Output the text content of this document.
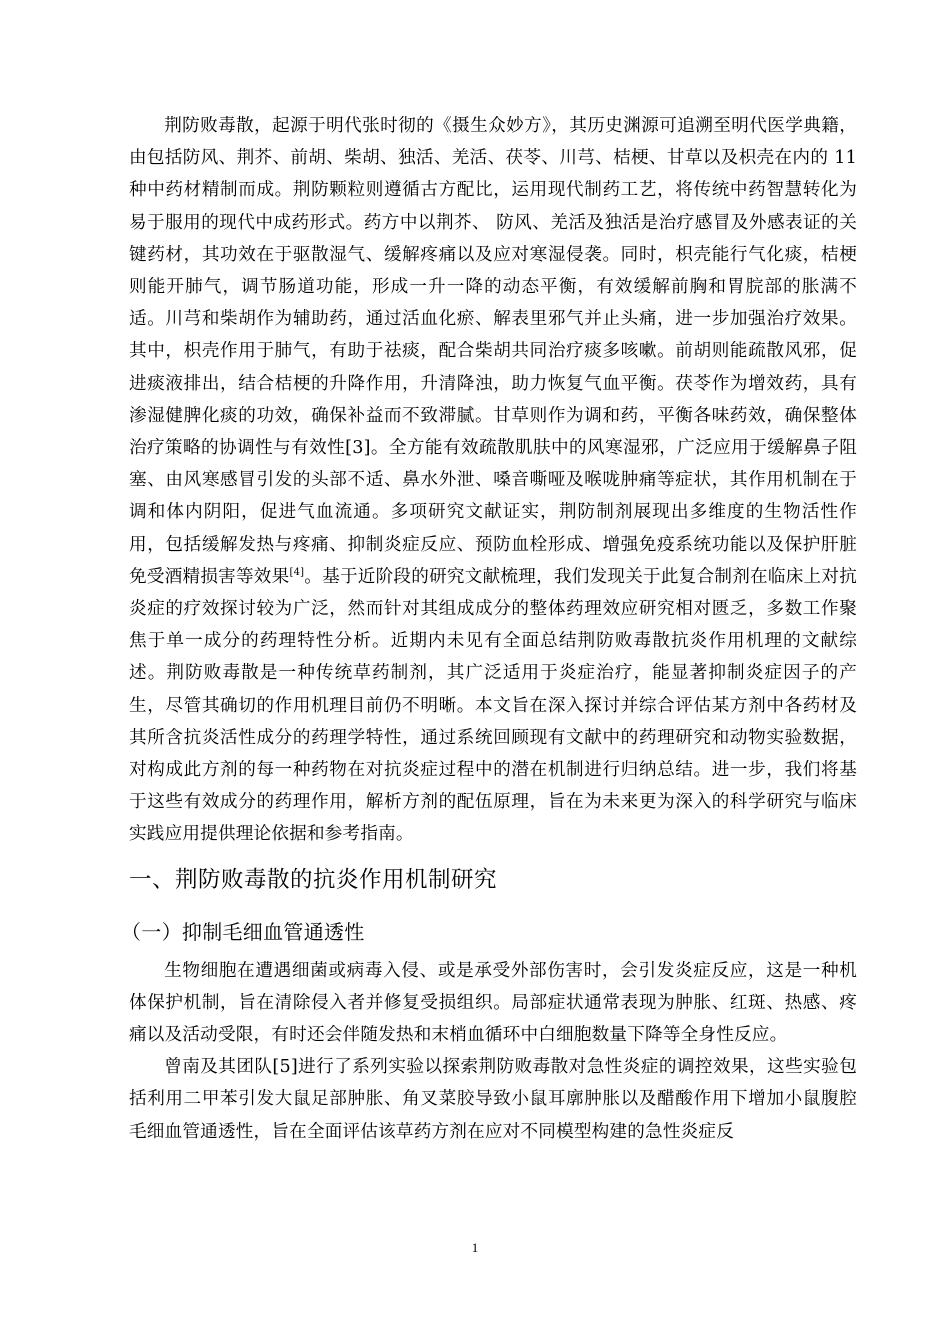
荆防败毒散，起源于明代张时彻的《摄生众妙方》，其历史渊源可追溯至明代医学典籍，由包括防风、荆芥、前胡、柴胡、独活、羌活、茯苓、川芎、桔梗、甘草以及枳壳在内的 11 种中药材精制而成。荆防颗粒则遵循古方配比，运用现代制药工艺，将传统中药智慧转化为易于服用的现代中成药形式。药方中以荆芥、 防风、羌活及独活是治疗感冒及外感表证的关键药材，其功效在于驱散湿气、缓解疼痛以及应对寒湿侵袭。同时，枳壳能行气化痰，桔梗则能开肺气，调节肠道功能，形成一升一降的动态平衡，有效缓解前胸和胃脘部的胀满不适。川芎和柴胡作为辅助药，通过活血化瘀、解表里邪气并止头痛，进一步加强治疗效果。其中，枳壳作用于肺气，有助于祛痰，配合柴胡共同治疗痰多咳嗽。前胡则能疏散风邪，促进痰液排出，结合桔梗的升降作用，升清降浊，助力恢复气血平衡。茯苓作为增效药，具有渗湿健脾化痰的功效，确保补益而不致滞腻。甘草则作为调和药，平衡各味药效，确保整体治疗策略的协调性与有效性[3]。全方能有效疏散肌肤中的风寒湿邪，广泛应用于缓解鼻子阻塞、由风寒感冒引发的头部不适、鼻水外泄、嗓音嘶哑及喉咙肿痛等症状，其作用机制在于调和体内阴阳，促进气血流通。多项研究文献证实，荆防制剂展现出多维度的生物活性作用，包括缓解发热与疼痛、抑制炎症反应、预防血栓形成、增强免疫系统功能以及保护肝脏免受酒精损害等效果[4]。基于近阶段的研究文献梳理，我们发现关于此复合制剂在临床上对抗炎症的疗效探讨较为广泛，然而针对其组成成分的整体药理效应研究相对匮乏，多数工作聚焦于单一成分的药理特性分析。近期内未见有全面总结荆防败毒散抗炎作用机理的文献综述。荆防败毒散是一种传统草药制剂，其广泛适用于炎症治疗，能显著抑制炎症因子的产生，尽管其确切的作用机理目前仍不明晰。本文旨在深入探讨并综合评估某方剂中各药材及其所含抗炎活性成分的药理学特性，通过系统回顾现有文献中的药理研究和动物实验数据，对构成此方剂的每一种药物在对抗炎症过程中的潜在机制进行归纳总结。进一步，我们将基于这些有效成分的药理作用，解析方剂的配伍原理，旨在为未来更为深入的科学研究与临床实践应用提供理论依据和参考指南。

一、荆防败毒散的抗炎作用机制研究
（一）抑制毛细血管通透性

生物细胞在遭遇细菌或病毒入侵、或是承受外部伤害时，会引发炎症反应，这是一种机体保护机制，旨在清除侵入者并修复受损组织。局部症状通常表现为肿胀、红斑、热感、疼痛以及活动受限，有时还会伴随发热和末梢血循环中白细胞数量下降等全身性反应。

曾南及其团队[5]进行了系列实验以探索荆防败毒散对急性炎症的调控效果，这些实验包括利用二甲苯引发大鼠足部肿胀、角叉菜胶导致小鼠耳廓肿胀以及醋酸作用下增加小鼠腹腔毛细血管通透性，旨在全面评估该草药方剂在应对不同模型构建的急性炎症反

1
